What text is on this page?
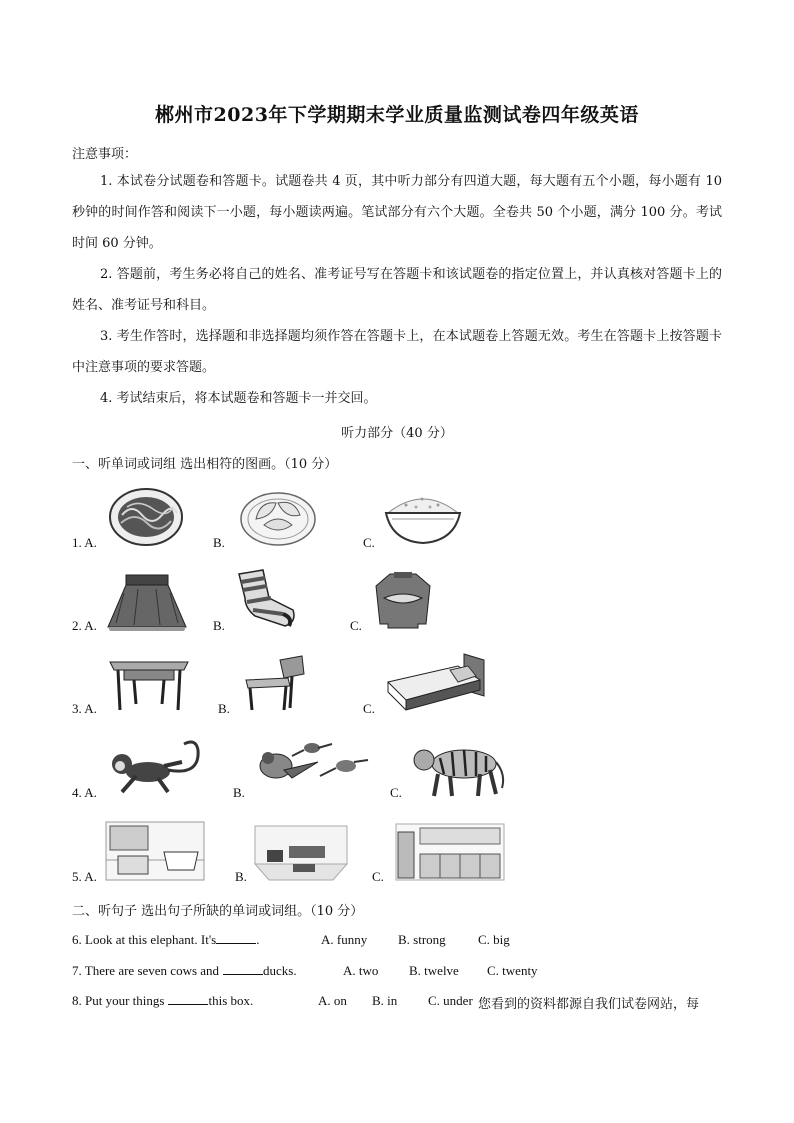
郴州市2023年下学期期末学业质量监测试卷四年级英语
注意事项：
1. 本试卷分试题卷和答题卡。试题卷共 4 页，其中听力部分有四道大题，每大题有五个小题，每小题有 10 秒钟的时间作答和阅读下一小题，每小题读两遍。笔试部分有六个大题。全卷共 50 个小题，满分 100 分。考试时间 60 分钟。
2. 答题前，考生务必将自己的姓名、准考证号写在答题卡和该试题卷的指定位置上，并认真核对答题卡上的姓名、准考证号和科目。
3. 考生作答时，选择题和非选择题均须作答在答题卡上，在本试题卷上答题无效。考生在答题卡上按答题卡中注意事项的要求答题。
4. 考试结束后，将本试题卷和答题卡一并交回。
听力部分（40 分）
一、听单词或词组 选出相符的图画。（10 分）
1. A.	B.	C.
2. A.	B.	C.
3. A.	B.	C.
4. A.	B.	C.
5. A.	B.	C.
二、听句子 选出句子所缺的单词或词组。（10 分）
6. Look at this elephant. It's	.	A. funny B. strong C. big
7. There are seven cows and	ducks.	A. two B. twelve C. twenty
8. Put your things	this box.	A. on B. in C. under 您看到的资料都源自我们试卷网站，每
